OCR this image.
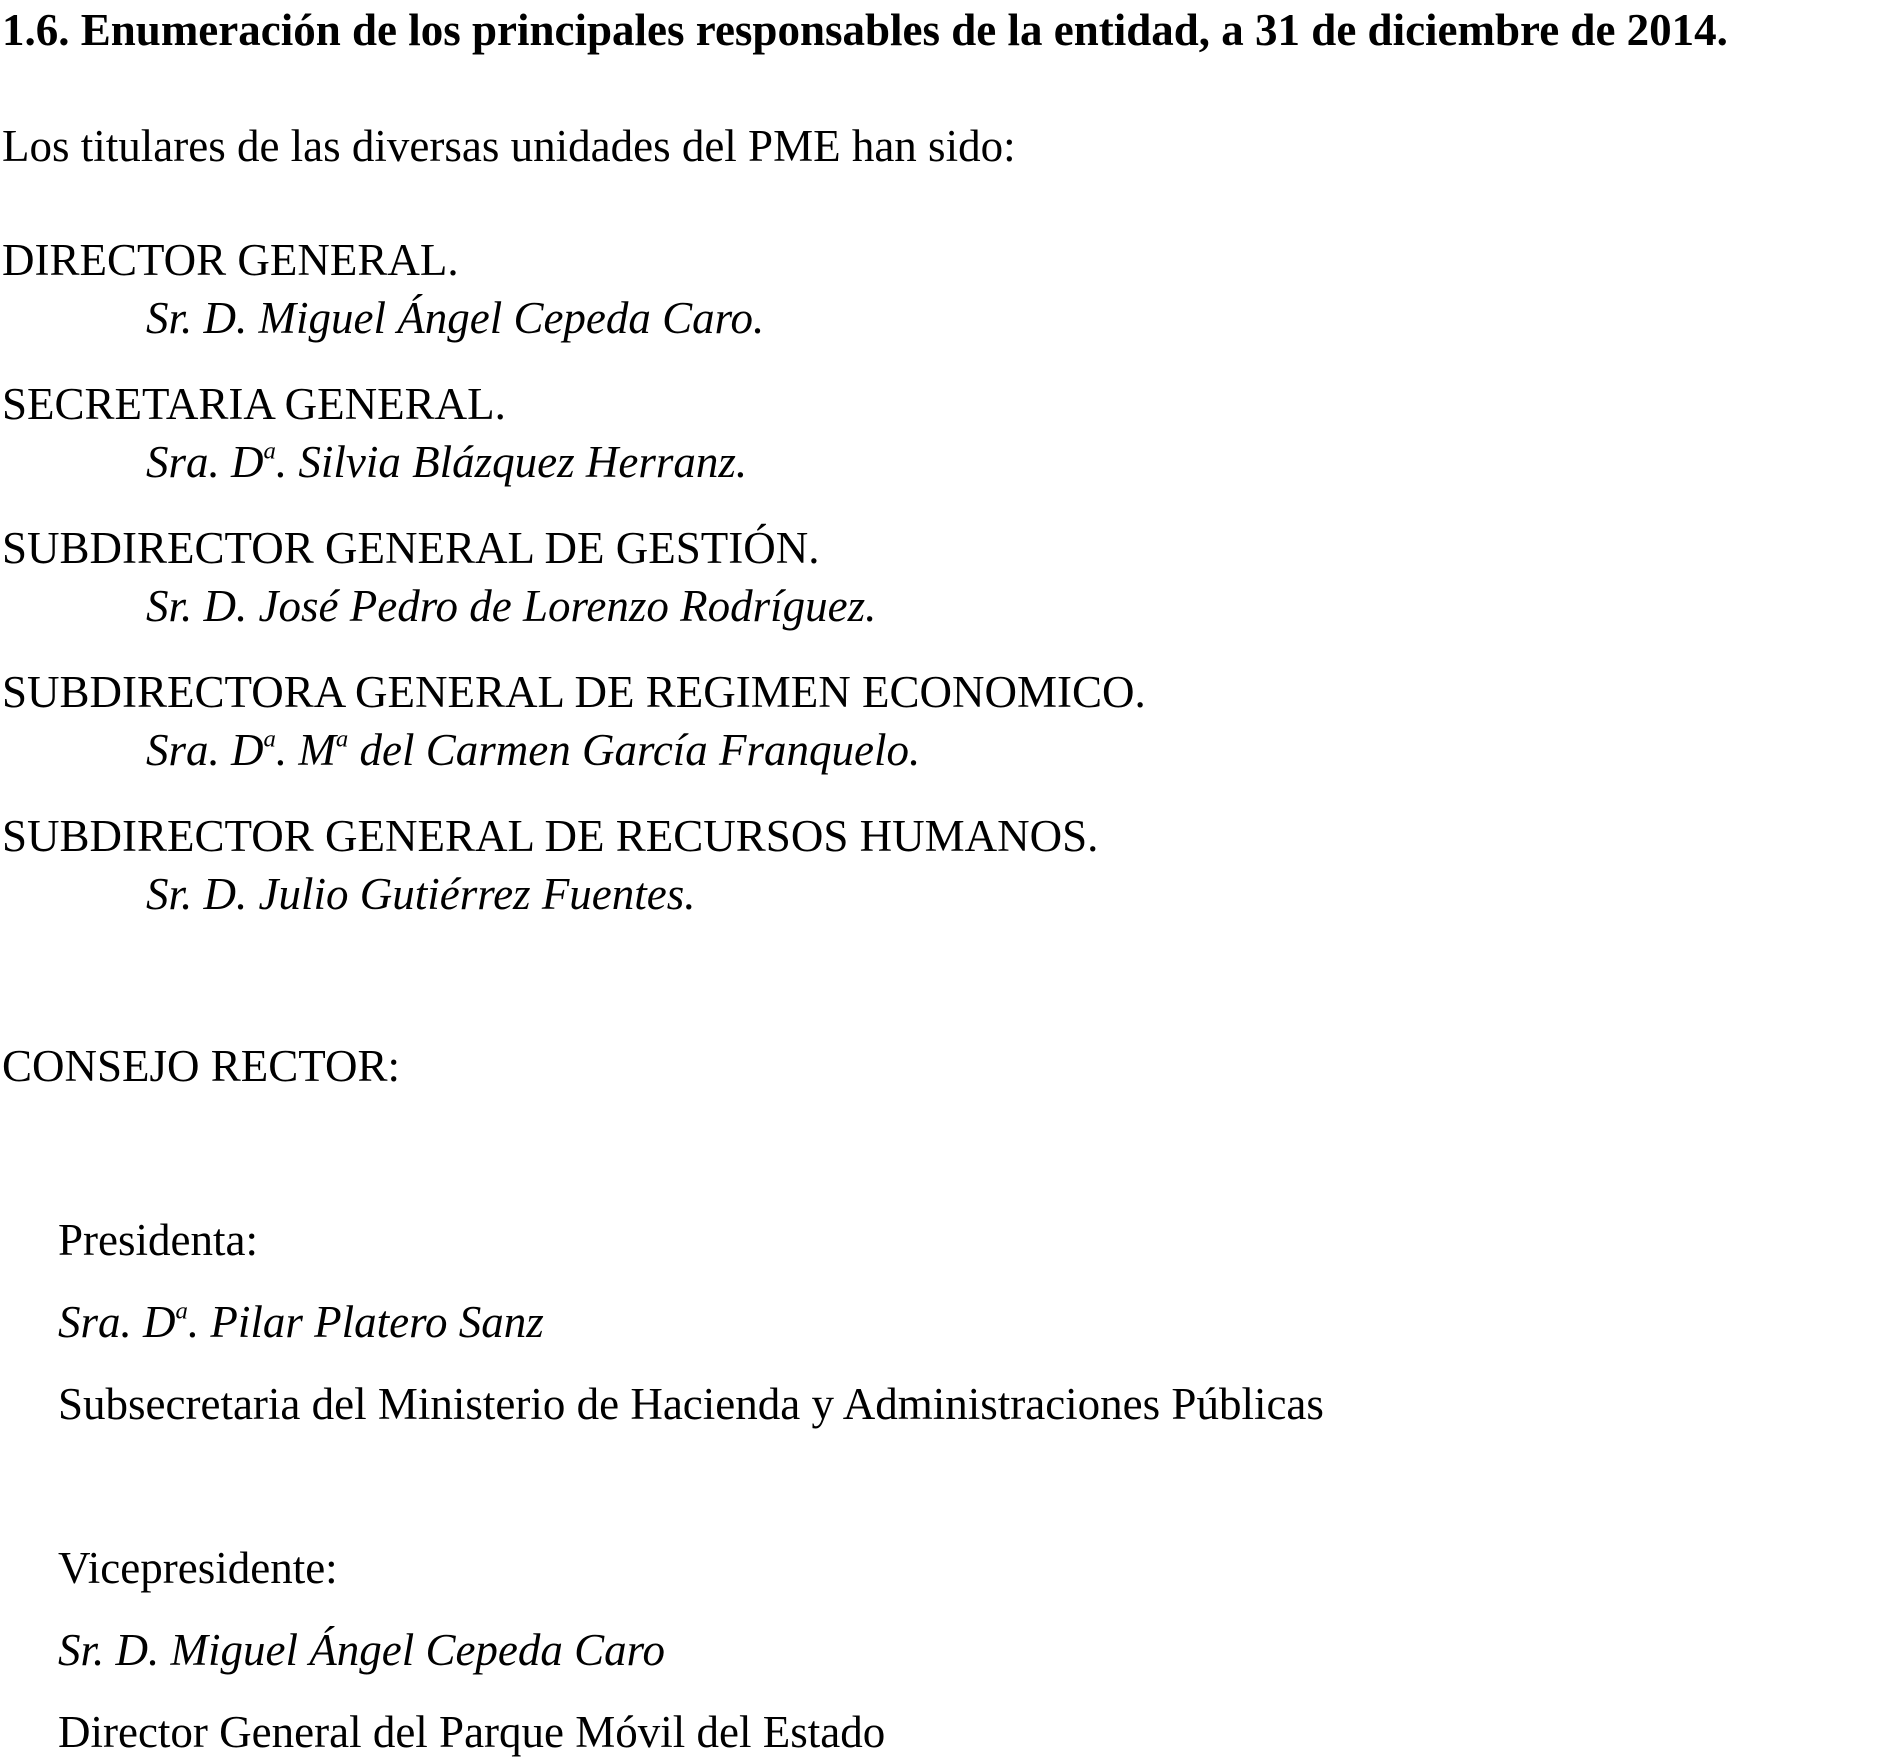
1.6. Enumeración de los principales responsables de la entidad, a 31 de diciembre de 2014.
Los titulares de las diversas unidades del PME han sido:
DIRECTOR GENERAL.
Sr. D. Miguel Ángel Cepeda Caro.
SECRETARIA GENERAL.
Sra. $D^a$. Silvia Blázquez Herranz.
SUBDIRECTOR GENERAL DE GESTIÓN.
Sr. D. José Pedro de Lorenzo Rodríguez.
SUBDIRECTORA GENERAL DE REGIMEN ECONOMICO.
Sra. $D^a$. $M^a$ del Carmen García Franquelo.
SUBDIRECTOR GENERAL DE RECURSOS HUMANOS.
Sr. D. Julio Gutiérrez Fuentes.
CONSEJO RECTOR:
Presidenta:
Sra. $D^a$. Pilar Platero Sanz
Subsecretaria del Ministerio de Hacienda y Administraciones Públicas
Vicepresidente:
Sr. D. Miguel Ángel Cepeda Caro
Director General del Parque Móvil del Estado
